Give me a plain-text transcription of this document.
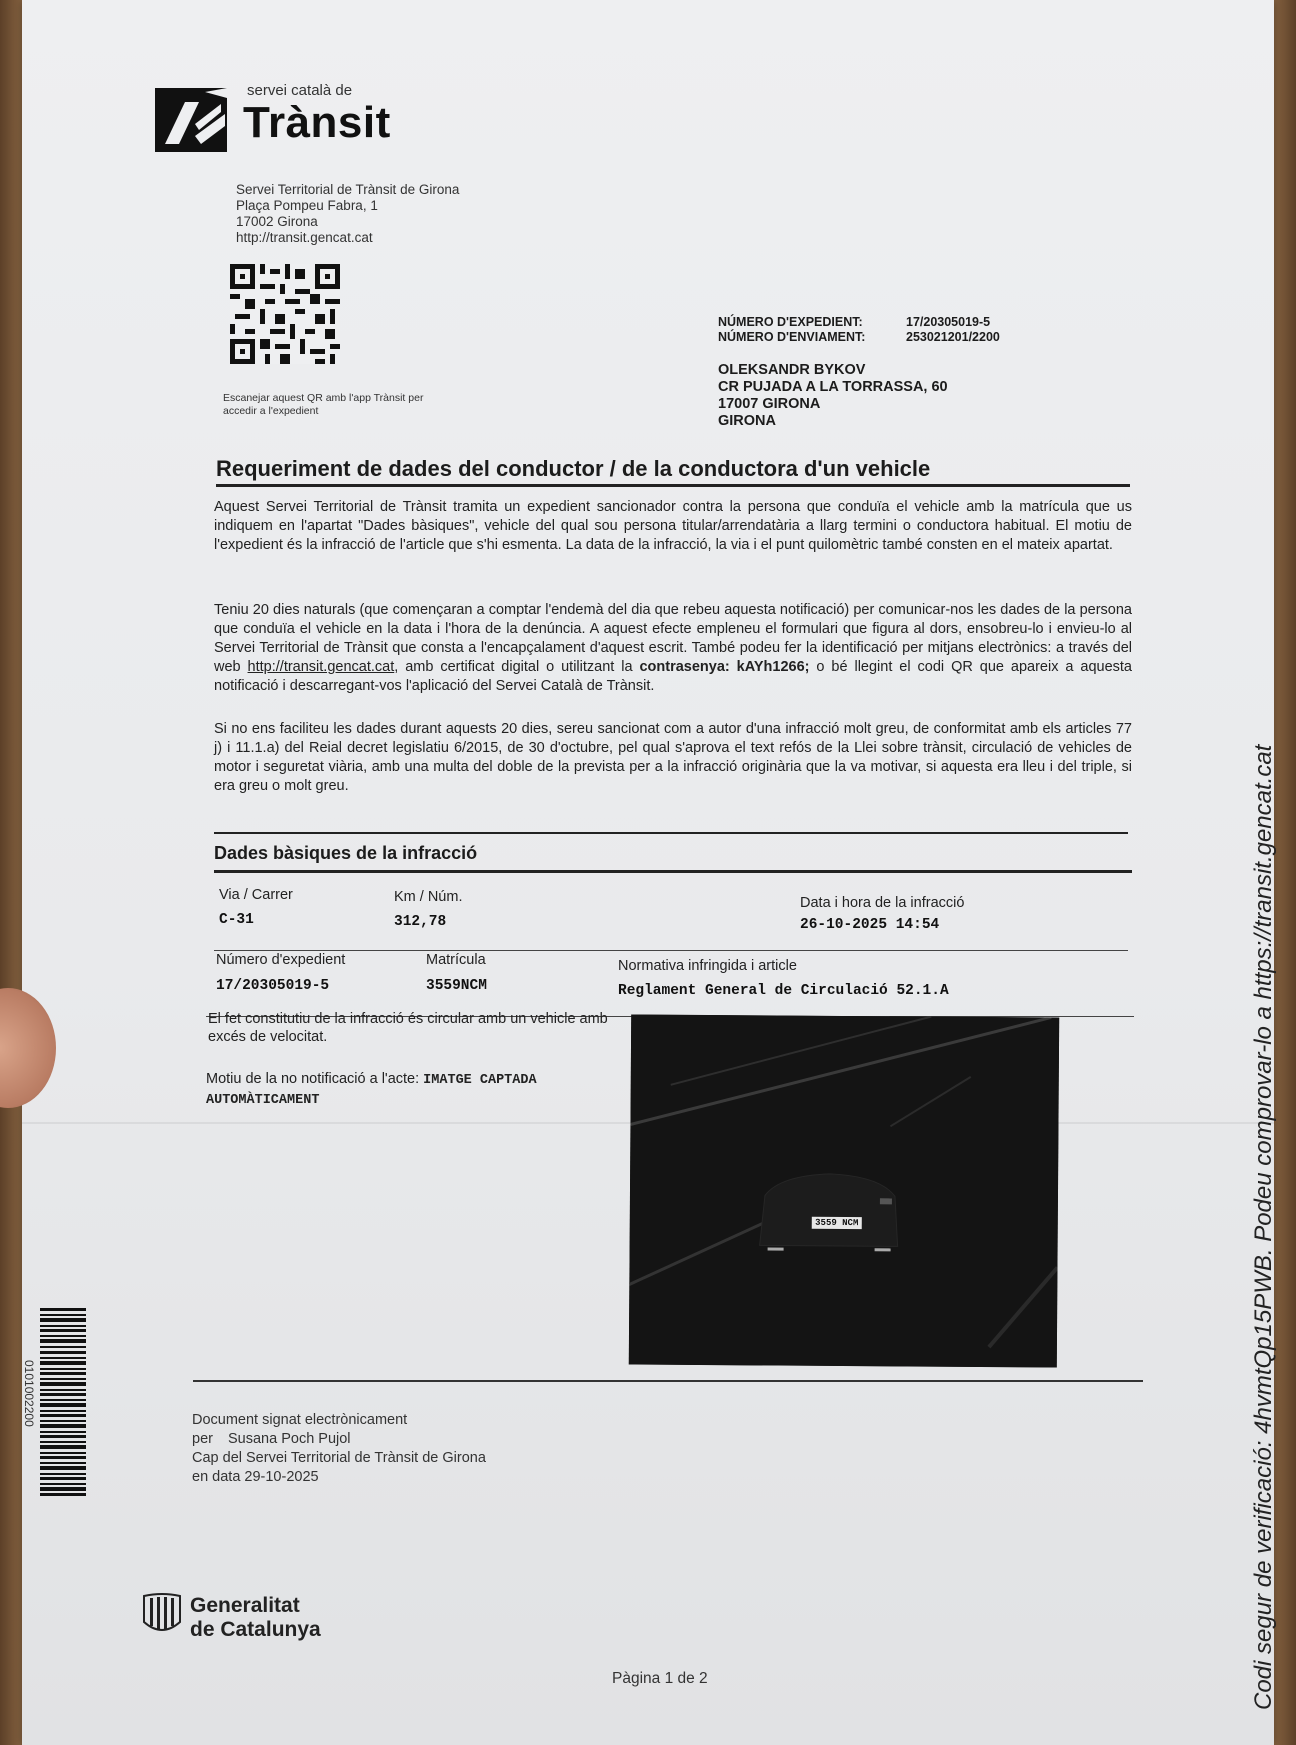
servei català de
Trànsit
Servei Territorial de Trànsit de Girona
Plaça Pompeu Fabra, 1
17002 Girona
http://transit.gencat.cat
Escanejar aquest QR amb l'app Trànsit per accedir a l'expedient
NÚMERO D'EXPEDIENT:	17/20305019-5
NÚMERO D'ENVIAMENT:	253021201/2200
OLEKSANDR BYKOV
CR PUJADA A LA TORRASSA, 60
17007 GIRONA
GIRONA
Requeriment de dades del conductor / de la conductora d'un vehicle
Aquest Servei Territorial de Trànsit tramita un expedient sancionador contra la persona que conduïa el vehicle amb la matrícula que us indiquem en l'apartat "Dades bàsiques", vehicle del qual sou persona titular/arrendatària a llarg termini o conductora habitual. El motiu de l'expedient és la infracció de l'article que s'hi esmenta. La data de la infracció, la via i el punt quilomètric també consten en el mateix apartat.
Teniu 20 dies naturals (que començaran a comptar l'endemà del dia que rebeu aquesta notificació) per comunicar-nos les dades de la persona que conduïa el vehicle en la data i l'hora de la denúncia. A aquest efecte empleneu el formulari que figura al dors, ensobreu-lo i envieu-lo al Servei Territorial de Trànsit que consta a l'encapçalament d'aquest escrit. També podeu fer la identificació per mitjans electrònics: a través del web http://transit.gencat.cat, amb certificat digital o utilitzant la contrasenya: kAYh1266; o bé llegint el codi QR que apareix a aquesta notificació i descarregant-vos l'aplicació del Servei Català de Trànsit.
Si no ens faciliteu les dades durant aquests 20 dies, sereu sancionat com a autor d'una infracció molt greu, de conformitat amb els articles 77 j) i 11.1.a) del Reial decret legislatiu 6/2015, de 30 d'octubre, pel qual s'aprova el text refós de la Llei sobre trànsit, circulació de vehicles de motor i seguretat viària, amb una multa del doble de la prevista per a la infracció originària que la va motivar, si aquesta era lleu i del triple, si era greu o molt greu.
Dades bàsiques de la infracció
Via / Carrer
C-31
Km / Núm.
312,78
Data i hora de la infracció
26-10-2025 14:54
Número d'expedient
17/20305019-5
Matrícula
3559NCM
Normativa infringida i article
Reglament General de Circulació 52.1.A
El fet constitutiu de la infracció és circular amb un vehicle amb excés de velocitat.
Motiu de la no notificació a l'acte: IMATGE CAPTADA AUTOMÀTICAMENT
3559 NCM
Document signat electrònicament
per Susana Poch Pujol
Cap del Servei Territorial de Trànsit de Girona
en data 29-10-2025
0101002200
Generalitat
de Catalunya
Pàgina 1 de 2	Codi segur de verificació: 4hvmtQp15PWB. Podeu comprovar-lo a https://transit.gencat.cat
